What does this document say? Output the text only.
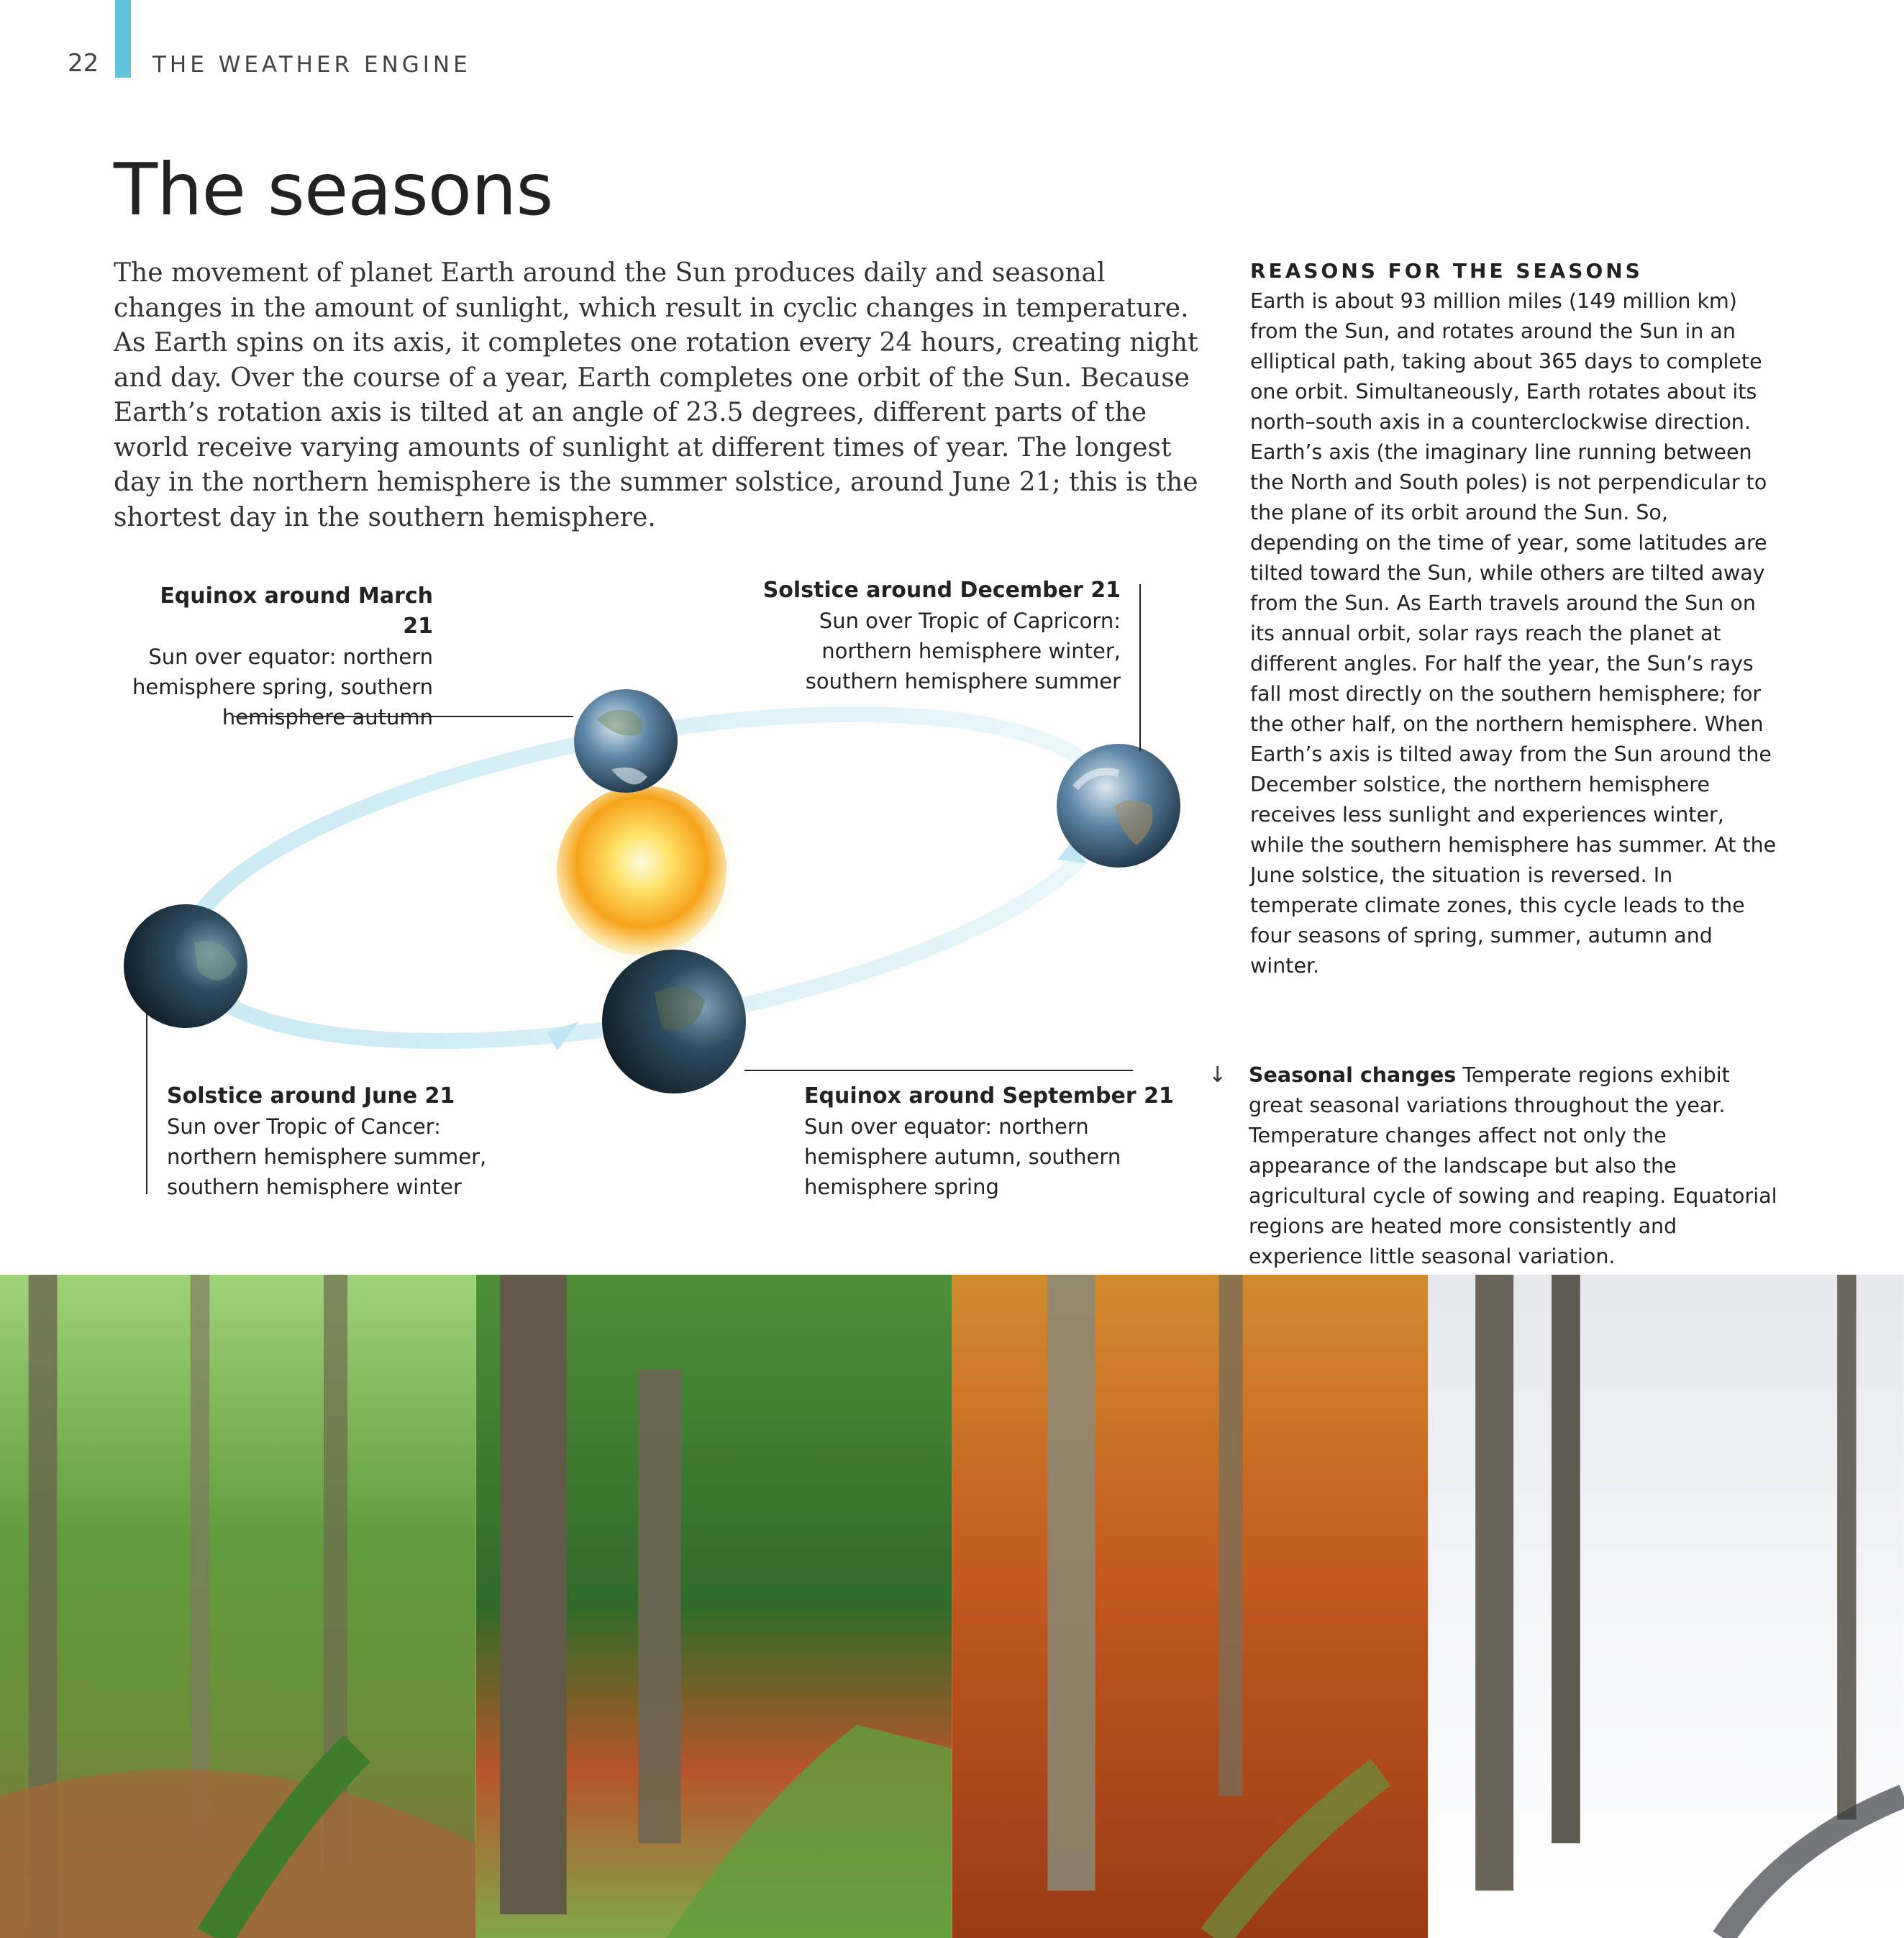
22 THE WEATHER ENGINE
The seasons

The movement of planet Earth around the Sun produces daily and seasonal changes in the amount of sunlight, which result in cyclic changes in temperature. As Earth spins on its axis, it completes one rotation every 24 hours, creating night and day. Over the course of a year, Earth completes one orbit of the Sun. Because Earth’s rotation axis is tilted at an angle of 23.5 degrees, different parts of the world receive varying amounts of sunlight at different times of year. The longest day in the northern hemisphere is the summer solstice, around June 21; this is the shortest day in the southern hemisphere.

REASONS FOR THE SEASONS

Earth is about 93 million miles (149 million km) from the Sun, and rotates around the Sun in an elliptical path, taking about 365 days to complete one orbit. Simultaneously, Earth rotates about its north–south axis in a counterclockwise direction. Earth’s axis (the imaginary line running between the North and South poles) is not perpendicular to the plane of its orbit around the Sun. So, depending on the time of year, some latitudes are tilted toward the Sun, while others are tilted away from the Sun. As Earth travels around the Sun on its annual orbit, solar rays reach the planet at different angles. For half the year, the Sun’s rays fall most directly on the southern hemisphere; for the other half, on the northern hemisphere. When Earth’s axis is tilted away from the Sun around the December solstice, the northern hemisphere receives less sunlight and experiences winter, while the southern hemisphere has summer. At the June solstice, the situation is reversed. In temperate climate zones, this cycle leads to the four seasons of spring, summer, autumn and winter.

Equinox around March 21
Sun over equator: northern
hemisphere spring, southern
hemisphere autumn
Solstice around December 21
Sun over Tropic of Capricorn:
northern hemisphere winter,
southern hemisphere summer
Solstice around June 21
Sun over Tropic of Cancer:
northern hemisphere summer,
southern hemisphere winter
Equinox around September 21
Sun over equator: northern
hemisphere autumn, southern
hemisphere spring
↓ Seasonal changes Temperate regions exhibit great seasonal variations throughout the year. Temperature changes affect not only the appearance of the landscape but also the agricultural cycle of sowing and reaping. Equatorial regions are heated more consistently and experience little seasonal variation.
